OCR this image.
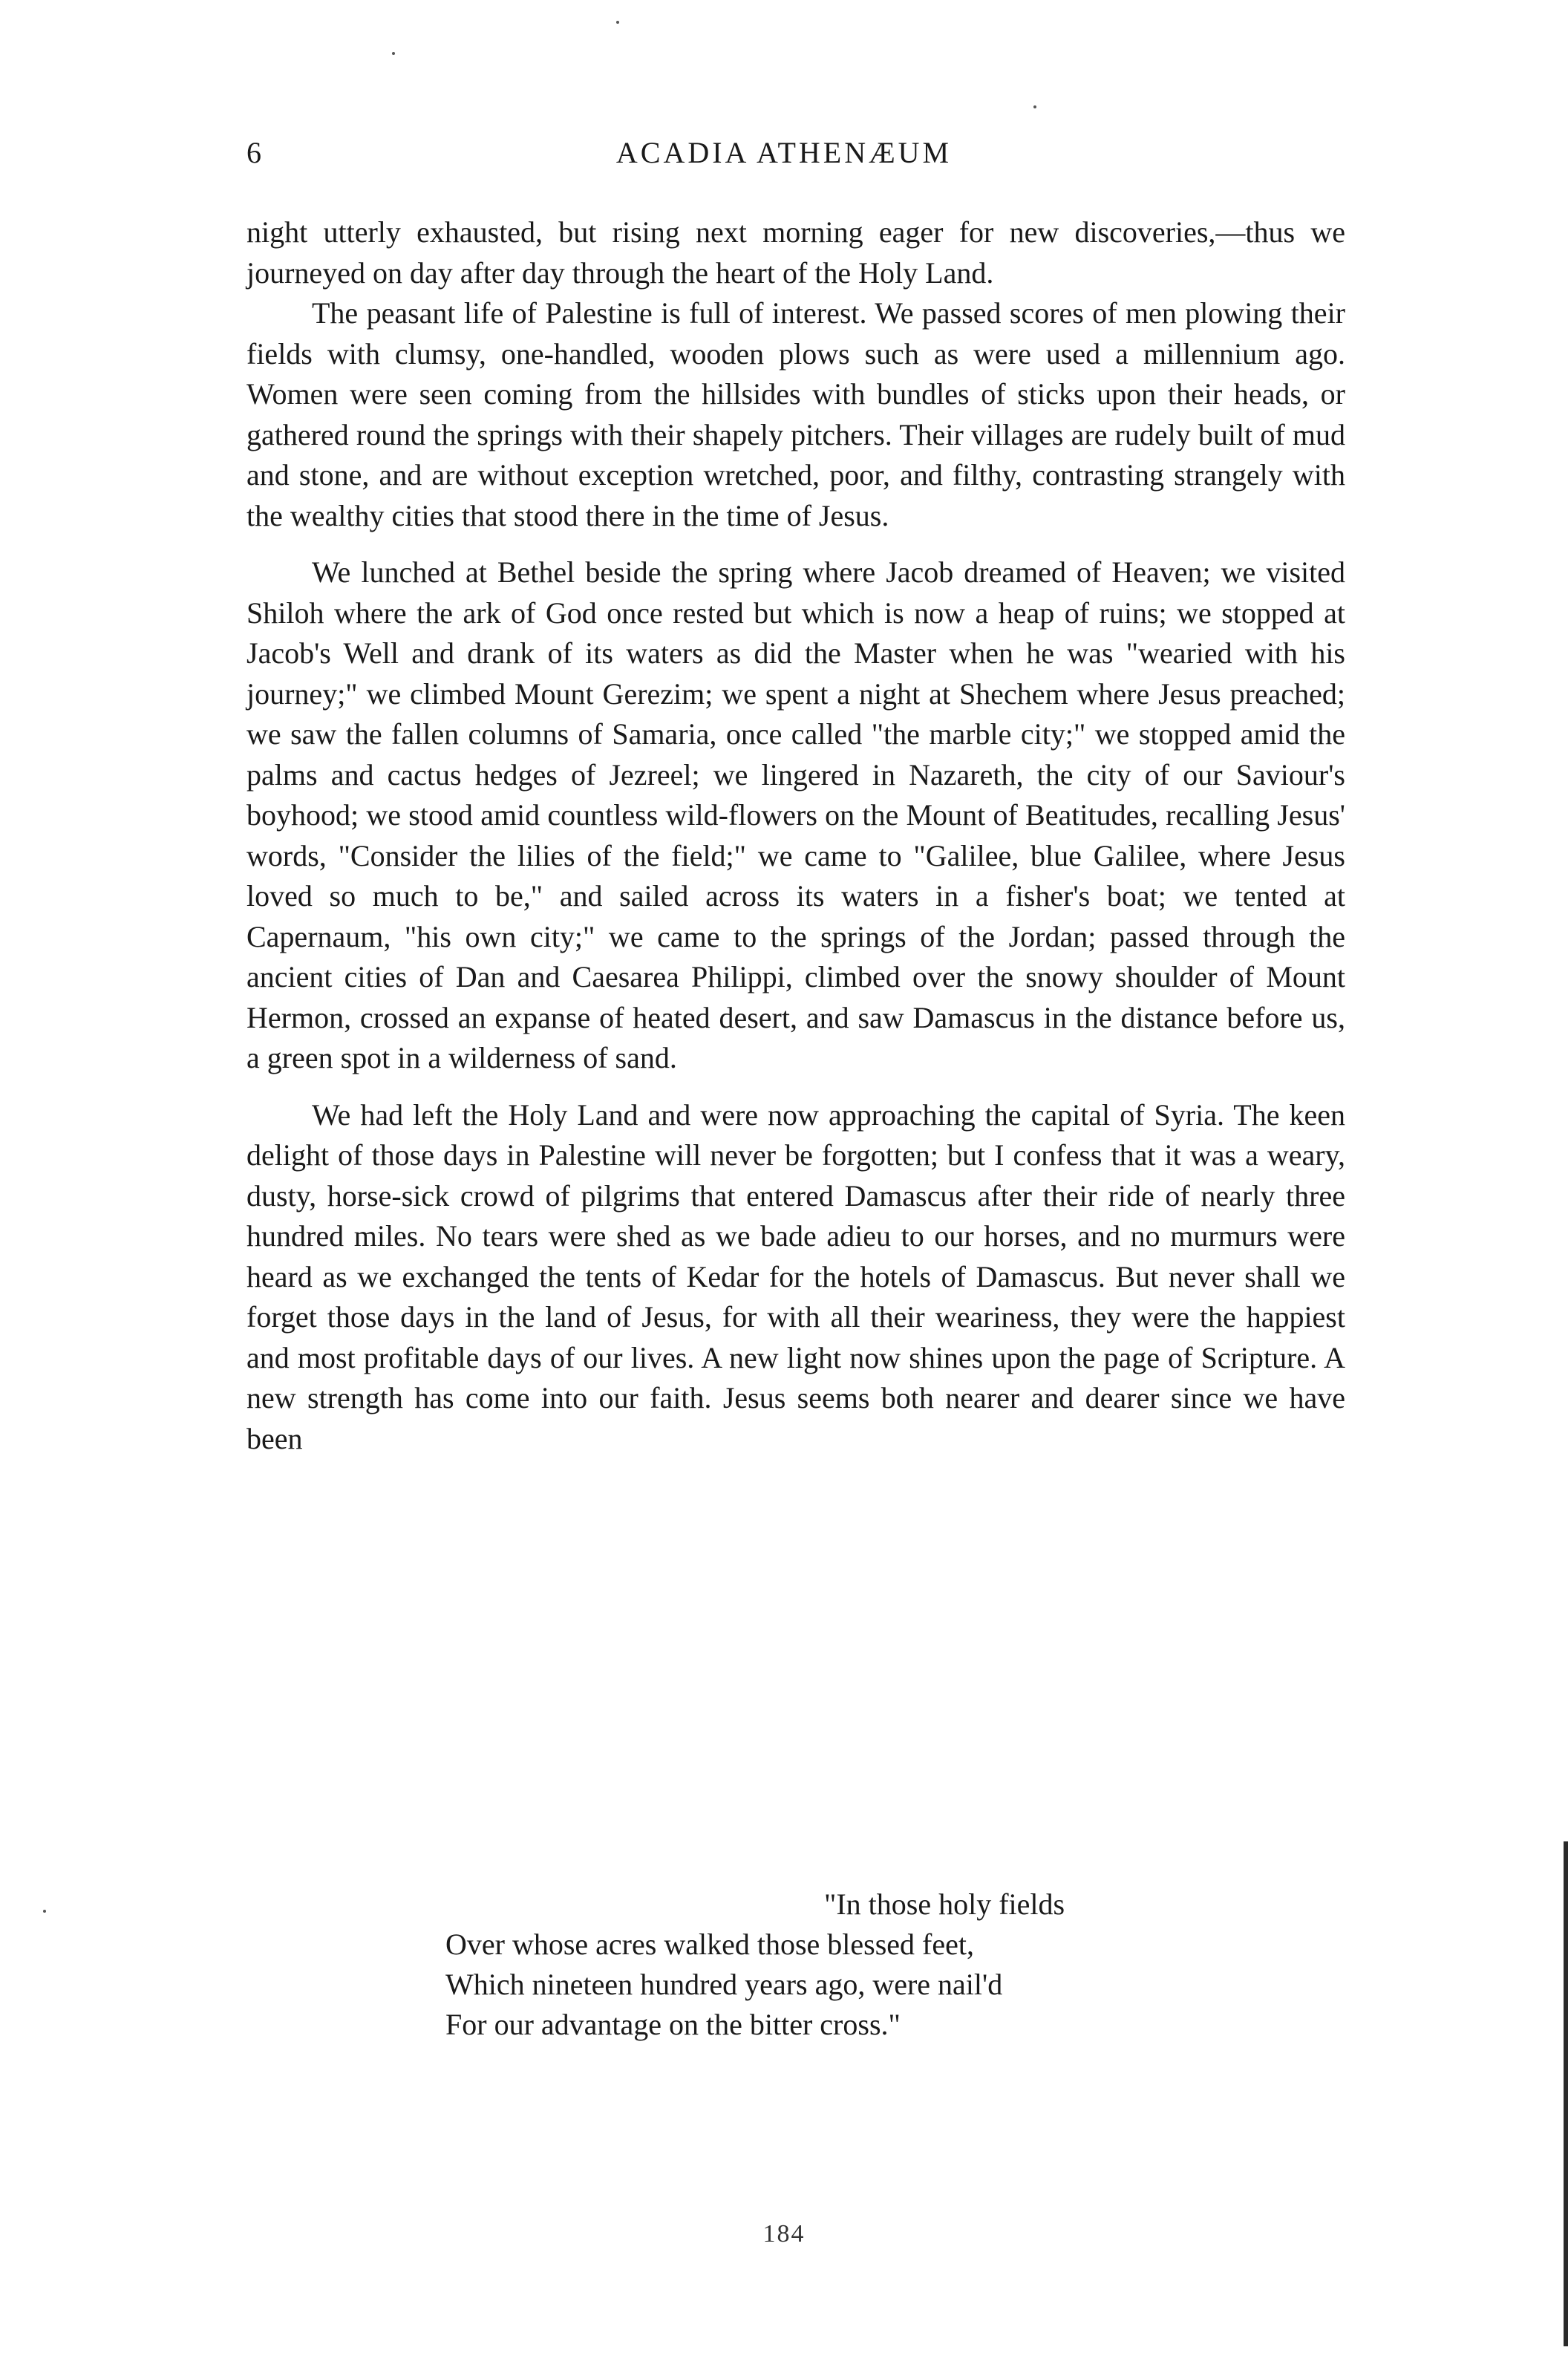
6	ACADIA ATHENÆUM

night utterly exhausted, but rising next morning eager for new discoveries,—thus we journeyed on day after day through the heart of the Holy Land.

The peasant life of Palestine is full of interest. We passed scores of men plowing their fields with clumsy, one-handled, wooden plows such as were used a millennium ago. Women were seen coming from the hillsides with bundles of sticks upon their heads, or gathered round the springs with their shapely pitchers. Their villages are rudely built of mud and stone, and are without exception wretched, poor, and filthy, contrasting strangely with the wealthy cities that stood there in the time of Jesus.

We lunched at Bethel beside the spring where Jacob dreamed of Heaven; we visited Shiloh where the ark of God once rested but which is now a heap of ruins; we stopped at Jacob's Well and drank of its waters as did the Master when he was "wearied with his journey;" we climbed Mount Gerezim; we spent a night at Shechem where Jesus preached; we saw the fallen columns of Samaria, once called "the marble city;" we stopped amid the palms and cactus hedges of Jezreel; we lingered in Nazareth, the city of our Saviour's boyhood; we stood amid countless wild-flowers on the Mount of Beatitudes, recalling Jesus' words, "Consider the lilies of the field;" we came to "Galilee, blue Galilee, where Jesus loved so much to be," and sailed across its waters in a fisher's boat; we tented at Capernaum, "his own city;" we came to the springs of the Jordan; passed through the ancient cities of Dan and Caesarea Philippi, climbed over the snowy shoulder of Mount Hermon, crossed an expanse of heated desert, and saw Damascus in the distance before us, a green spot in a wilderness of sand.

We had left the Holy Land and were now approaching the capital of Syria. The keen delight of those days in Palestine will never be forgotten; but I confess that it was a weary, dusty, horse-sick crowd of pilgrims that entered Damascus after their ride of nearly three hundred miles. No tears were shed as we bade adieu to our horses, and no murmurs were heard as we exchanged the tents of Kedar for the hotels of Damascus. But never shall we forget those days in the land of Jesus, for with all their weariness, they were the happiest and most profitable days of our lives. A new light now shines upon the page of Scripture. A new strength has come into our faith. Jesus seems both nearer and dearer since we have been

"In those holy fields
Over whose acres walked those blessed feet,
Which nineteen hundred years ago, were nail'd
For our advantage on the bitter cross."
184
